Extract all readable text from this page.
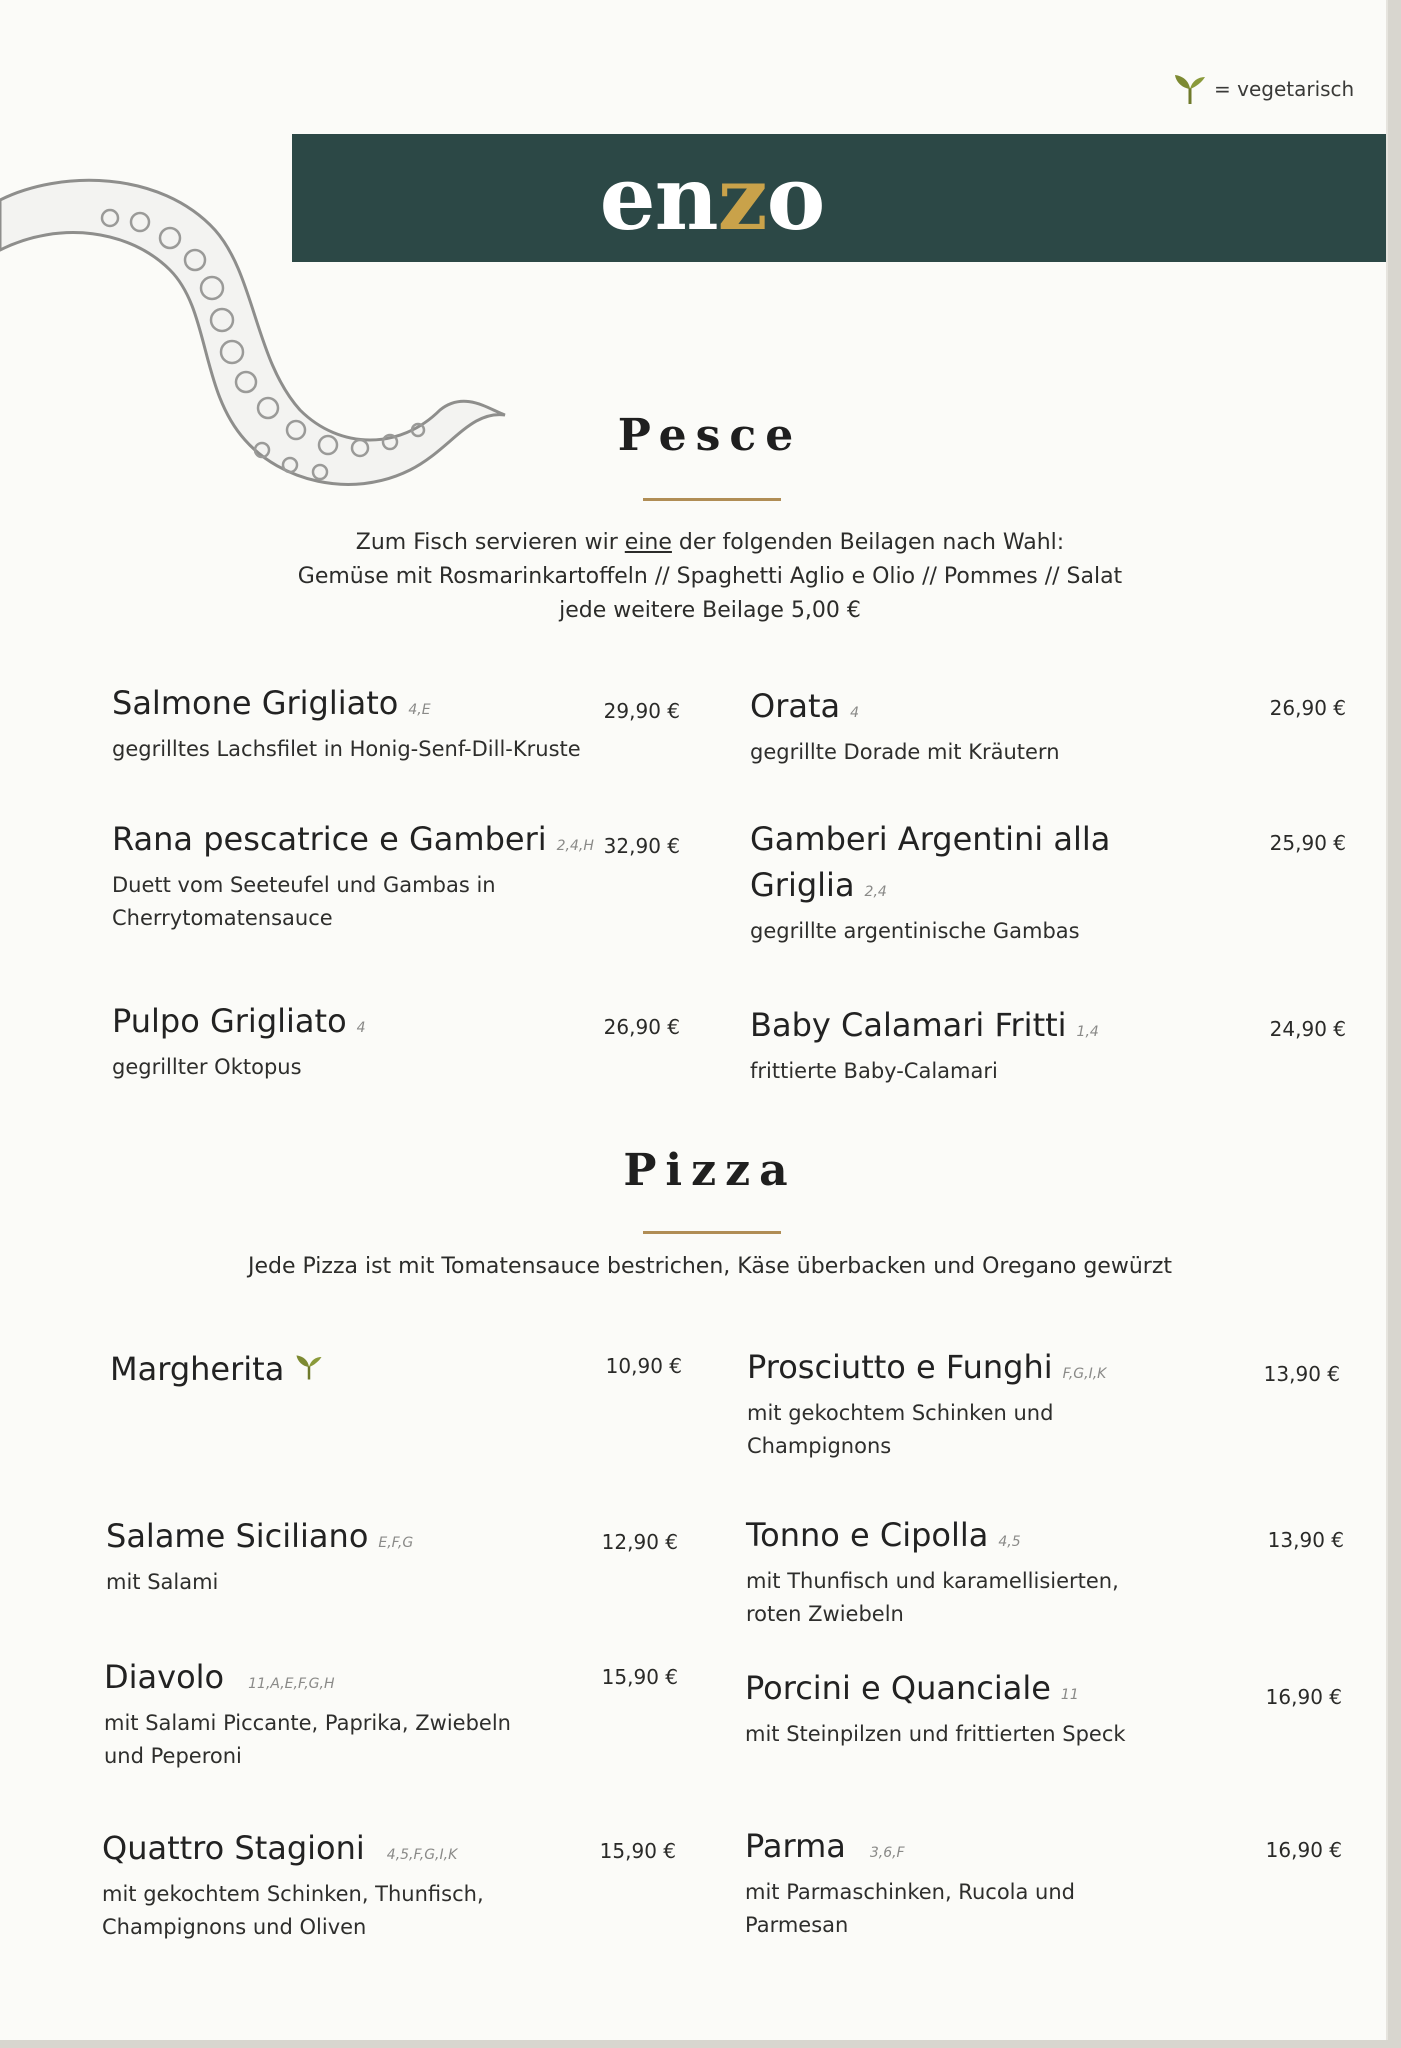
= vegetarisch
en z o
Pesce
Zum Fisch servieren wir eine der folgenden Beilagen nach Wahl:
Gemüse mit Rosmarinkartoffeln // Spaghetti Aglio e Olio // Pommes // Salat
jede weitere Beilage 5,00 €
Salmone Grigliato 4,E
gegrilltes Lachsfilet in Honig-Senf-Dill-Kruste
29,90 € Orata 4
gegrillte Dorade mit Kräutern
26,90 €
Rana pescatrice e Gamberi 2,4,H
Duett vom Seeteufel und Gambas in
Cherrytomatensauce
32,90 € Gamberi Argentini alla
Griglia 2,4
gegrillte argentinische Gambas
25,90 €
Pulpo Grigliato 4
gegrillter Oktopus
26,90 € Baby Calamari Fritti 1,4
frittierte Baby-Calamari
24,90 €
Pizza
Jede Pizza ist mit Tomatensauce bestrichen, Käse überbacken und Oregano gewürzt
Margherita	10,90 € Prosciutto e Funghi F,G,I,K
mit gekochtem Schinken und
Champignons
13,90 €
Salame Siciliano E,F,G
mit Salami
12,90 € Tonno e Cipolla 4,5
mit Thunfisch und karamellisierten,
roten Zwiebeln
13,90 €
Diavolo 11,A,E,F,G,H
mit Salami Piccante, Paprika, Zwiebeln
und Peperoni
15,90 € Porcini e Quanciale 11
mit Steinpilzen und frittierten Speck
16,90 €
Quattro Stagioni 4,5,F,G,I,K
mit gekochtem Schinken, Thunfisch,
Champignons und Oliven
15,90 € Parma 3,6,F
mit Parmaschinken, Rucola und
Parmesan
16,90 €
